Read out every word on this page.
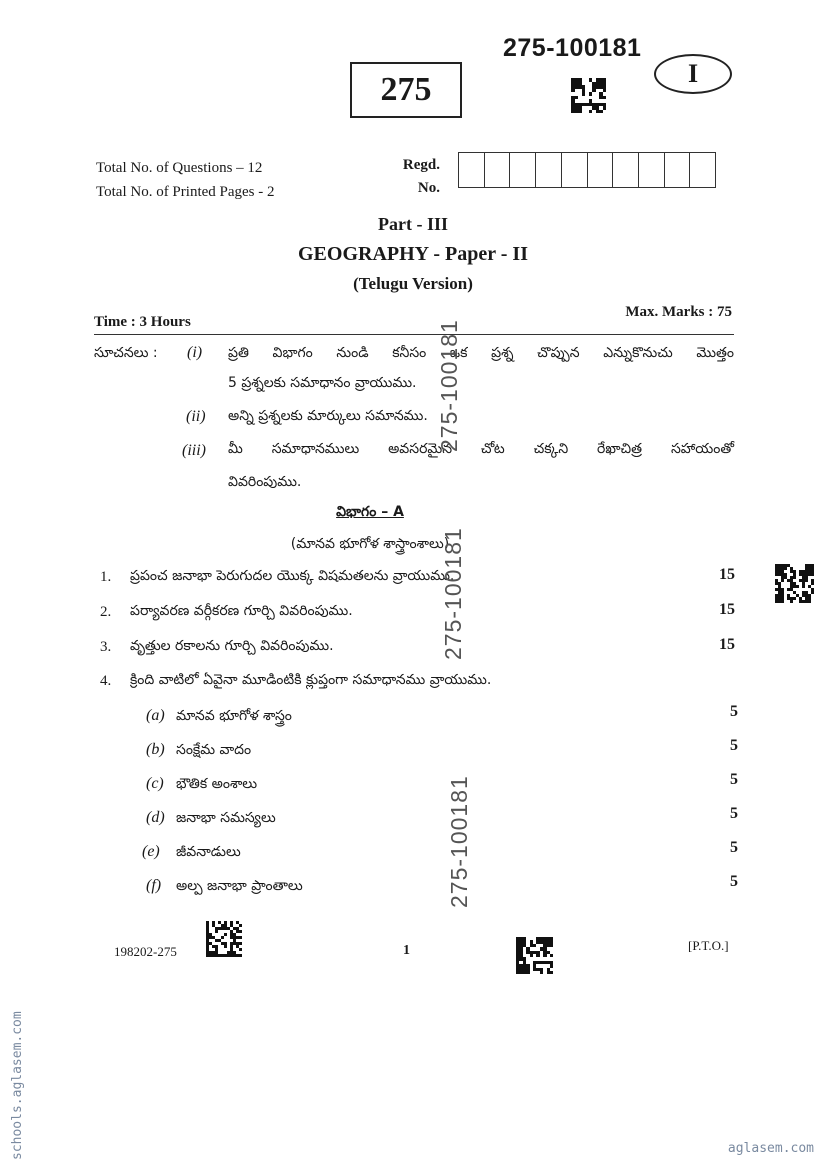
275
275-100181
I
Total No. of Questions – 12
Total No. of Printed Pages - 2
Regd.
No.
Part - III
GEOGRAPHY - Paper - II
(Telugu Version)
Time : 3 Hours
Max. Marks : 75
సూచనలు : (i) ప్రతి విభాగం నుండి కనీసం ఒక ప్రశ్న చొప్పున ఎన్నుకొనుచు మొత్తం
5 ప్రశ్నలకు సమాధానం వ్రాయుము.
(ii) అన్ని ప్రశ్నలకు మార్కులు సమానము.
(iii) మీ సమాధానములు అవసరమైన చోట చక్కని రేఖాచిత్ర సహాయంతో
వివరింపుము.
విభాగం – A
(మానవ భూగోళ శాస్త్రాంశాలు)
1. ప్రపంచ జనాభా పెరుగుదల యొక్క విషమతలను వ్రాయుము.	15
2. పర్యావరణ వర్గీకరణ గూర్చి వివరింపుము.	15
3. వృత్తుల రకాలను గూర్చి వివరింపుము.	15
4. క్రింది వాటిలో ఏవైనా మూడింటికి క్లుప్తంగా సమాధానము వ్రాయుము.
(a) మానవ భూగోళ శాస్త్రం	5
(b) సంక్షేమ వాదం	5
(c) భౌతిక అంశాలు	5
(d) జనాభా సమస్యలు	5
(e) జీవనాడులు	5
(f) అల్ప జనాభా ప్రాంతాలు	5
275-100181
275-100181
275-100181
198202-275	1	[P.T.O.]
schools.aglasem.com	aglasem.com
